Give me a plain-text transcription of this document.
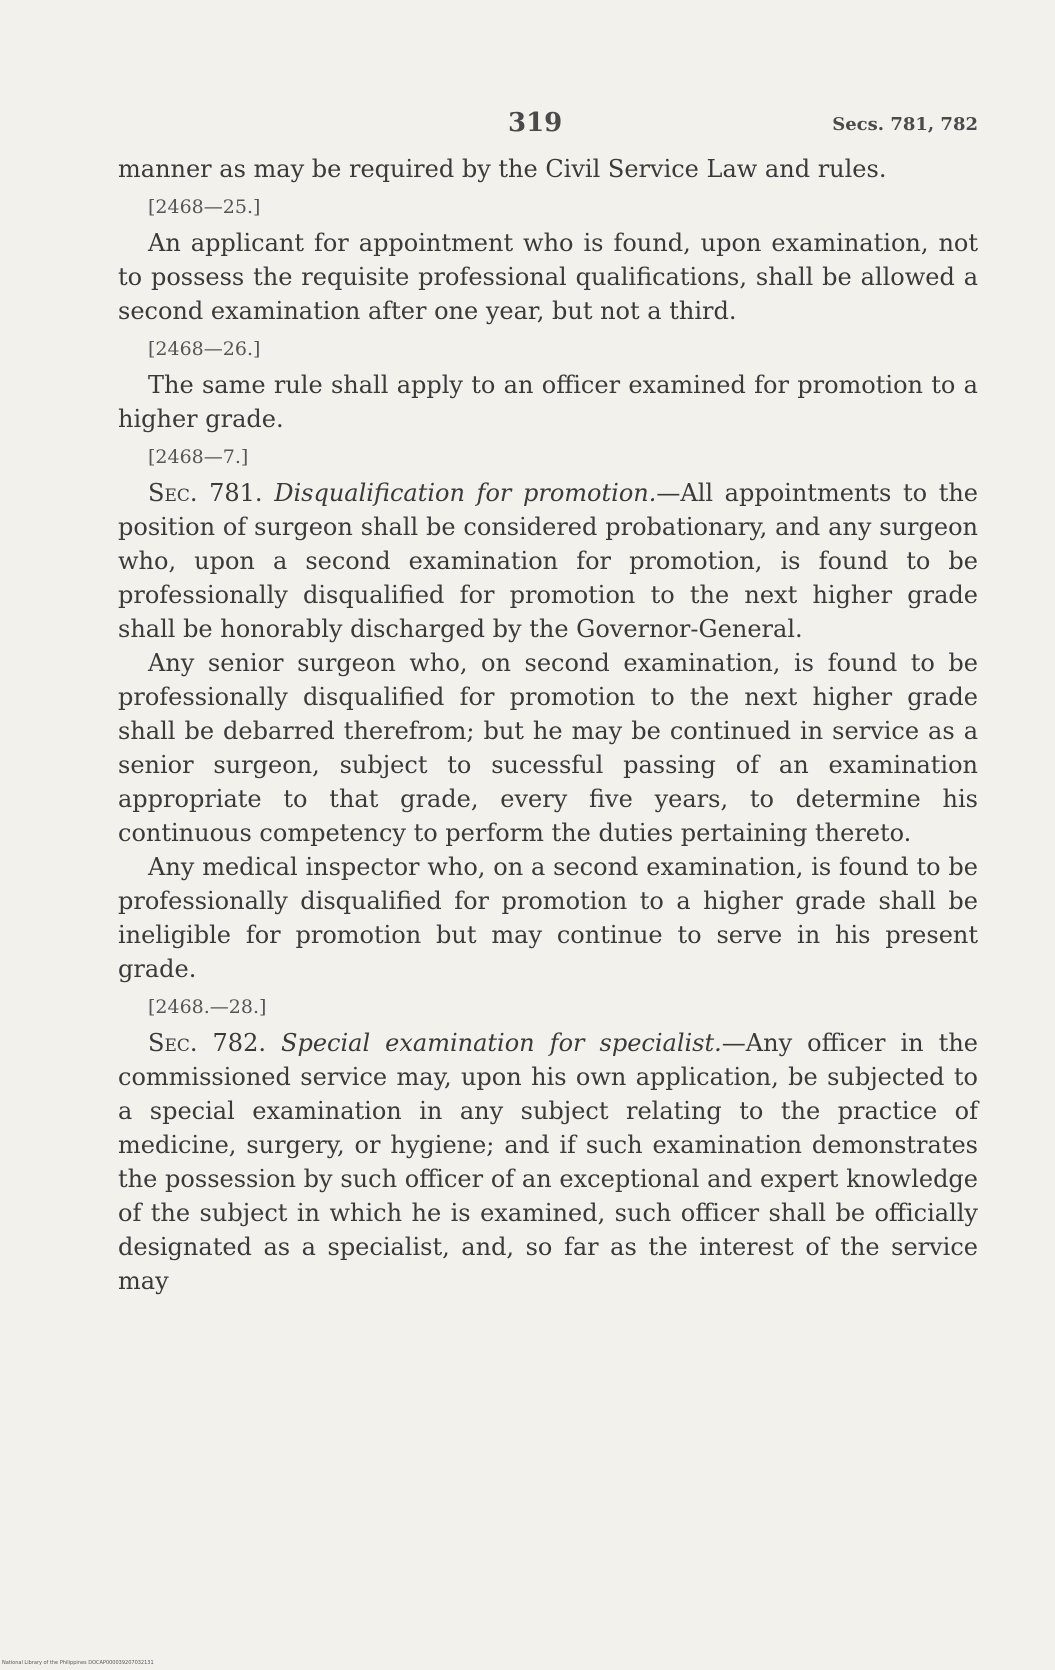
319	Secs. 781, 782

manner as may be required by the Civil Service Law and rules.

[2468—25.]

An applicant for appointment who is found, upon examination, not to possess the requisite professional qualifications, shall be allowed a second examination after one year, but not a third.

[2468—26.]

The same rule shall apply to an officer examined for promotion to a higher grade.

[2468—7.]

Sec. 781. Disqualification for promotion.—All appointments to the position of surgeon shall be considered probationary, and any surgeon who, upon a second examination for promotion, is found to be professionally disqualified for promotion to the next higher grade shall be honorably discharged by the Governor-General.

Any senior surgeon who, on second examination, is found to be professionally disqualified for promotion to the next higher grade shall be debarred therefrom; but he may be continued in service as a senior surgeon, subject to sucessful passing of an examination appropriate to that grade, every five years, to determine his continuous competency to perform the duties pertaining thereto.

Any medical inspector who, on a second examination, is found to be professionally disqualified for promotion to a higher grade shall be ineligible for promotion but may continue to serve in his present grade.

[2468.—28.]

Sec. 782. Special examination for specialist.—Any officer in the commissioned service may, upon his own application, be subjected to a special examination in any subject relating to the practice of medicine, surgery, or hygiene; and if such examination demonstrates the possession by such officer of an exceptional and expert knowledge of the subject in which he is examined, such officer shall be officially designated as a specialist, and, so far as the interest of the service may

National Library of the Philippines DOCAP000039207032131
